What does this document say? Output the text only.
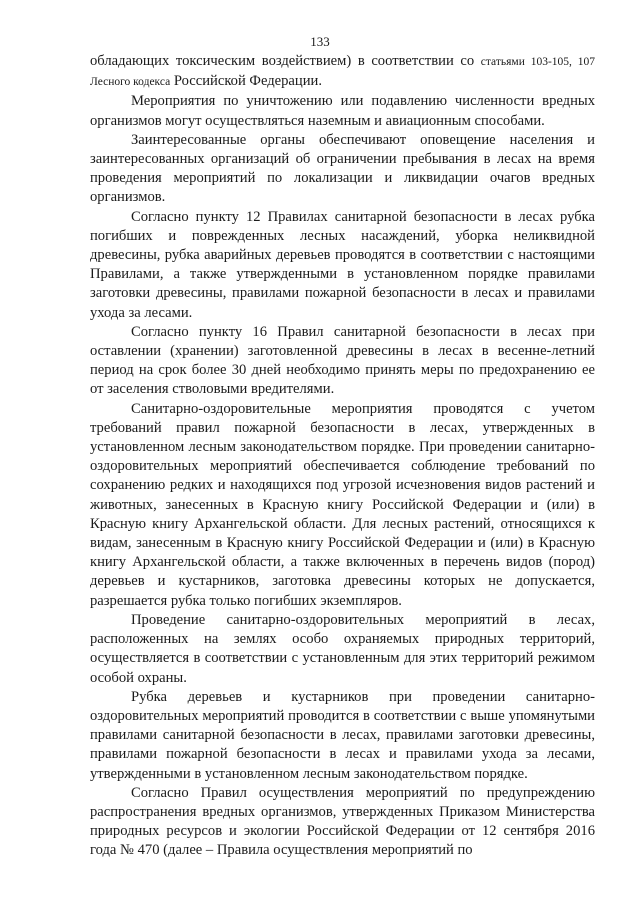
133

обладающих токсическим воздействием) в соответствии со статьями 103-105, 107 Лесного кодекса Российской Федерации.

Мероприятия по уничтожению или подавлению численности вредных организмов могут осуществляться наземным и авиационным способами.

Заинтересованные органы обеспечивают оповещение населения и заинтересованных организаций об ограничении пребывания в лесах на время проведения мероприятий по локализации и ликвидации очагов вредных организмов.

Согласно пункту 12 Правилах санитарной безопасности в лесах рубка погибших и поврежденных лесных насаждений, уборка неликвидной древесины, рубка аварийных деревьев проводятся в соответствии с настоящими Правилами, а также утвержденными в установленном порядке правилами заготовки древесины, правилами пожарной безопасности в лесах и правилами ухода за лесами.

Согласно пункту 16 Правил санитарной безопасности в лесах при оставлении (хранении) заготовленной древесины в лесах в весенне-летний период на срок более 30 дней необходимо принять меры по предохранению ее от заселения стволовыми вредителями.

Санитарно-оздоровительные мероприятия проводятся с учетом требований правил пожарной безопасности в лесах, утвержденных в установленном лесным законодательством порядке. При проведении санитарно-оздоровительных мероприятий обеспечивается соблюдение требований по сохранению редких и находящихся под угрозой исчезновения видов растений и животных, занесенных в Красную книгу Российской Федерации и (или) в Красную книгу Архангельской области. Для лесных растений, относящихся к видам, занесенным в Красную книгу Российской Федерации и (или) в Красную книгу Архангельской области, а также включенных в перечень видов (пород) деревьев и кустарников, заготовка древесины которых не допускается, разрешается рубка только погибших экземпляров.

Проведение санитарно-оздоровительных мероприятий в лесах, расположенных на землях особо охраняемых природных территорий, осуществляется в соответствии с установленным для этих территорий режимом особой охраны.

Рубка деревьев и кустарников при проведении санитарно-оздоровительных мероприятий проводится в соответствии с выше упомянутыми правилами санитарной безопасности в лесах, правилами заготовки древесины, правилами пожарной безопасности в лесах и правилами ухода за лесами, утвержденными в установленном лесным законодательством порядке.

Согласно Правил осуществления мероприятий по предупреждению распространения вредных организмов, утвержденных Приказом Министерства природных ресурсов и экологии Российской Федерации от 12 сентября 2016 года № 470 (далее – Правила осуществления мероприятий по
